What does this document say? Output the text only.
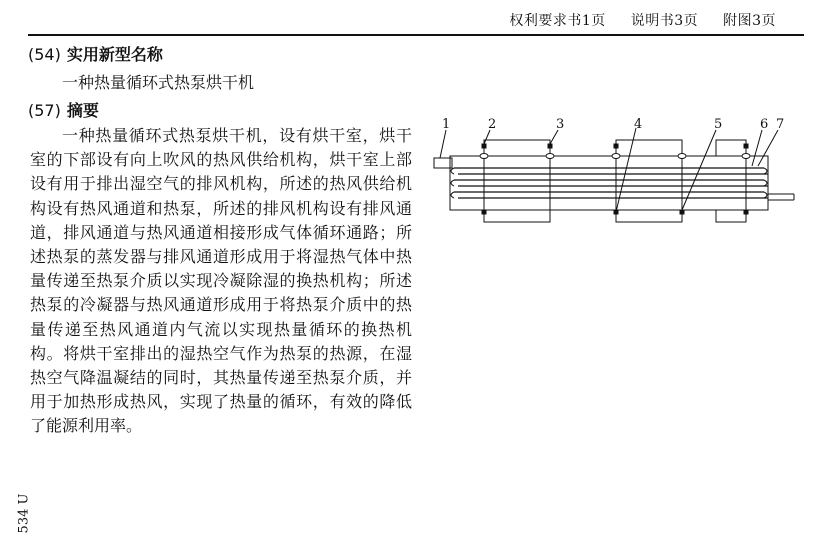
权利要求书1页 说明书3页 附图3页
(54) 实用新型名称
一种热量循环式热泵烘干机
(57) 摘要

一种热量循环式热泵烘干机，设有烘干室，烘干室的下部设有向上吹风的热风供给机构，烘干室上部设有用于排出湿空气的排风机构，所述的热风供给机构设有热风通道和热泵，所述的排风机构设有排风通道，排风通道与热风通道相接形成气体循环通路；所述热泵的蒸发器与排风通道形成用于将湿热气体中热量传递至热泵介质以实现冷凝除湿的换热机构；所述热泵的冷凝器与热风通道形成用于将热泵介质中的热量传递至热风通道内气流以实现热量循环的换热机构。将烘干室排出的湿热空气作为热泵的热源，在湿热空气降温凝结的同时，其热量传递至热泵介质，并用于加热形成热风，实现了热量的循环，有效的降低了能源利用率。

534 U
1	2	3	4	5	6 7
